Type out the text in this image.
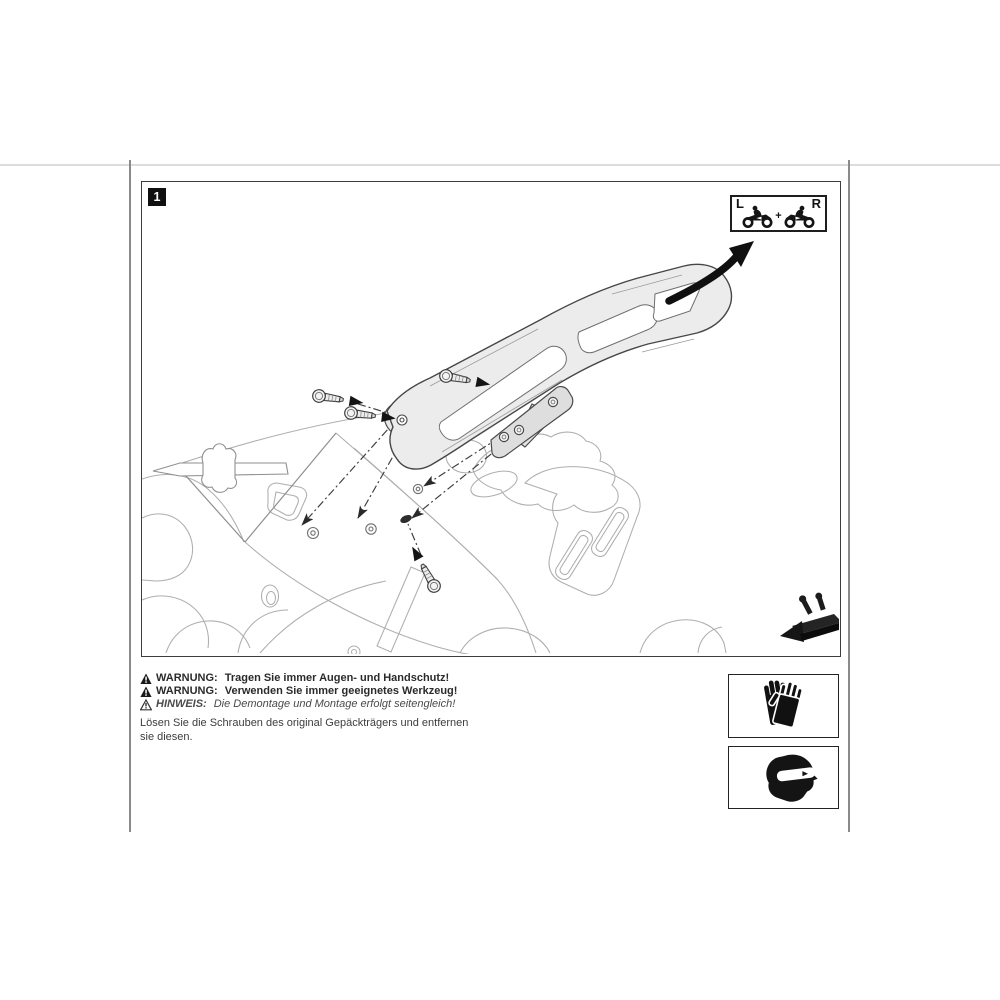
1	L	R
+
WARNUNG: Tragen Sie immer Augen- und Handschutz!
WARNUNG: Verwenden Sie immer geeignetes Werkzeug!
HINWEIS: Die Demontage und Montage erfolgt seitengleich!

Lösen Sie die Schrauben des original Gepäckträgers und entfernen sie diesen.
